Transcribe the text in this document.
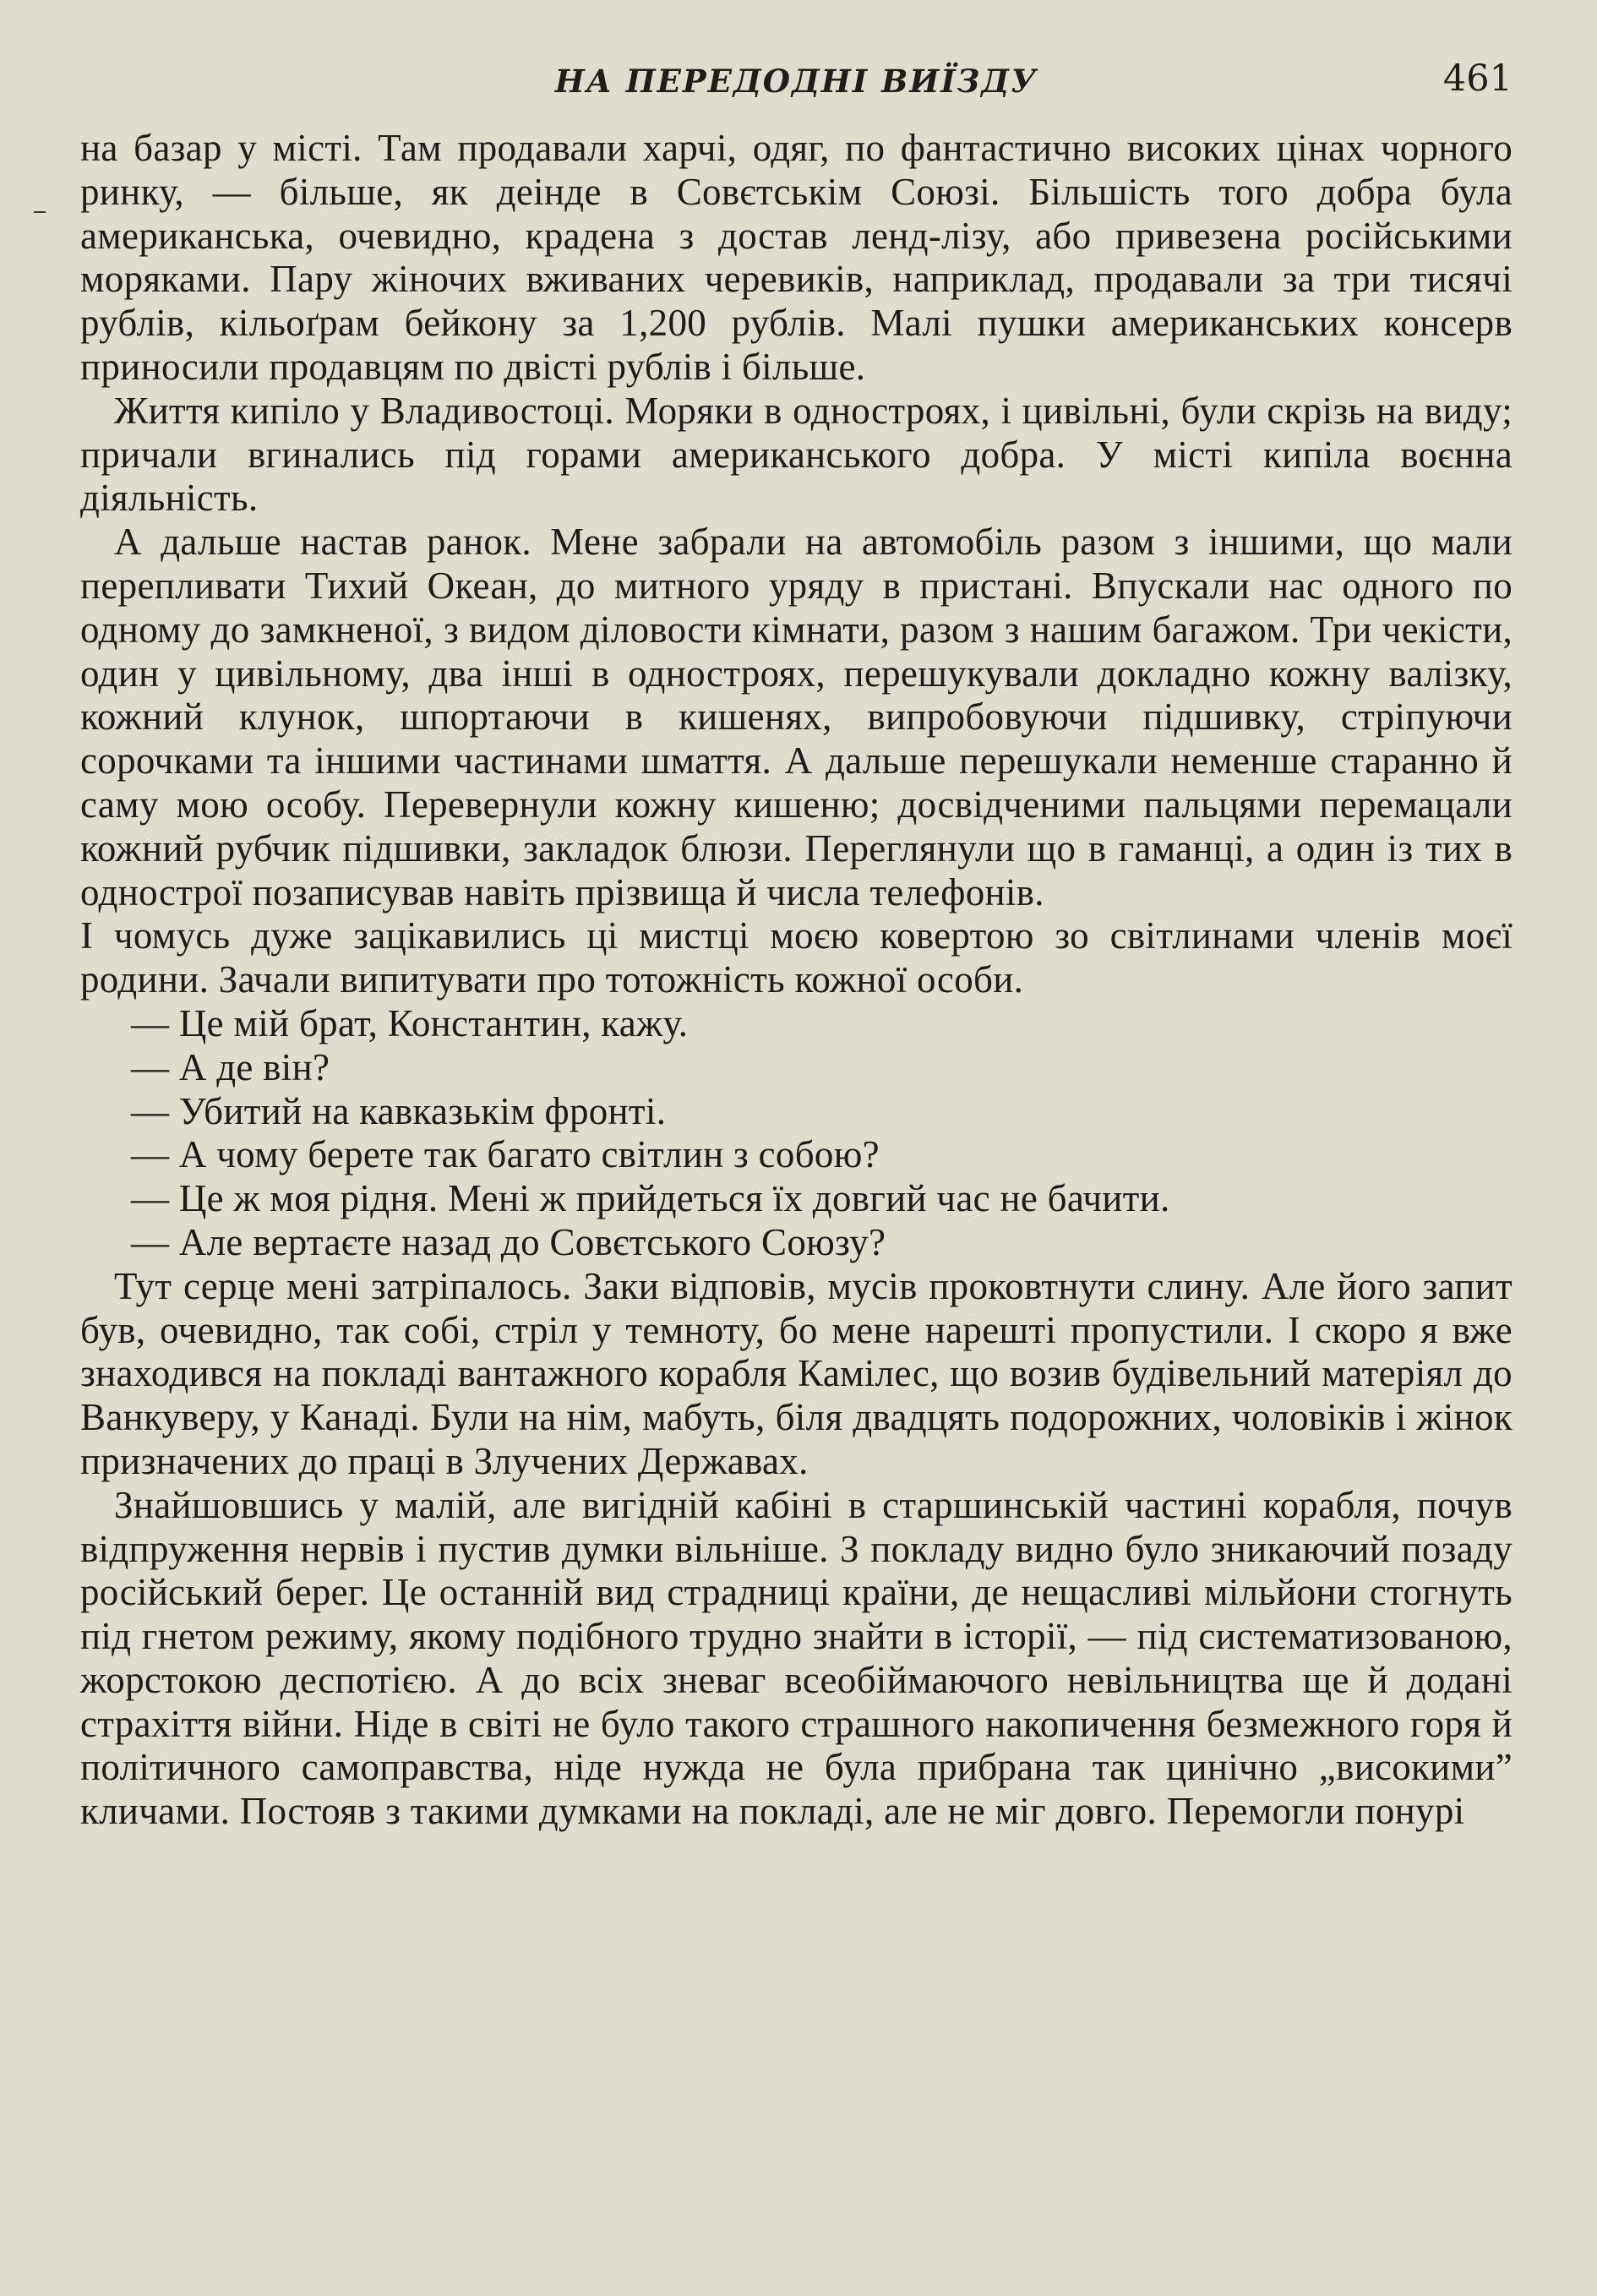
НА ПЕРЕДОДНІ ВИЇЗДУ	461

на базар у місті. Там продавали харчі, одяг, по фантастично високих цінах чорного ринку, — більше, як деінде в Совєтськім Союзі. Більшість того добра була американська, очевидно, крадена з достав ленд-лізу, або привезена російськими моряками. Пару жіночих вживаних черевиків, наприклад, продавали за три тисячі рублів, кільоґрам бейкону за 1,200 рублів. Малі пушки американських консерв приносили продавцям по двісті рублів і більше.

Життя кипіло у Владивостоці. Моряки в одностроях, і цивільні, були скрізь на виду; причали вгинались під горами американського добра. У місті кипіла воєнна діяльність.

А дальше настав ранок. Мене забрали на автомобіль разом з іншими, що мали перепливати Тихий Океан, до митного уряду в пристані. Впускали нас одного по одному до замкненої, з видом діловости кімнати, разом з нашим багажом. Три чекісти, один у цивільному, два інші в одностроях, перешукували докладно кожну валізку, кожний клунок, шпортаючи в кишенях, випробовуючи підшивку, стріпуючи сорочками та іншими частинами шмаття. А дальше перешукали неменше старанно й саму мою особу. Перевернули кожну кишеню; досвідченими пальцями перемацали кожний рубчик підшивки, закладок блюзи. Переглянули що в гаманці, а один із тих в однострої позаписував навіть прізвища й числа телефонів.

І чомусь дуже зацікавились ці мистці моєю ковертою зо світлинами членів моєї родини. Зачали випитувати про тотожність кожної особи.

— Це мій брат, Константин, кажу.

— А де він?

— Убитий на кавказькім фронті.

— А чому берете так багато світлин з собою?

— Це ж моя рідня. Мені ж прийдеться їх довгий час не бачити.

— Але вертаєте назад до Совєтського Союзу?

Тут серце мені затріпалось. Заки відповів, мусів проковтнути слину. Але його запит був, очевидно, так собі, стріл у темноту, бо мене нарешті пропустили. І скоро я вже знаходився на покладі вантажного корабля Камілес, що возив будівельний матеріял до Ванкуверу, у Канаді. Були на нім, мабуть, біля двадцять подорожних, чоловіків і жінок призначених до праці в Злучених Державах.

Знайшовшись у малій, але вигідній кабіні в старшинській частині корабля, почув відпруження нервів і пустив думки вільніше. З покладу видно було зникаючий позаду російський берег. Це останній вид страдниці країни, де нещасливі мільйони стогнуть під гнетом режиму, якому подібного трудно знайти в історії, — під систематизованою, жорстокою деспотією. А до всіх зневаг всеобіймаючого невільництва ще й додані страхіття війни. Ніде в світі не було такого страшного накопичення безмежного горя й політичного самоправства, ніде нужда не була прибрана так цинічно „високими” кличами. Постояв з такими думками на покладі, але не міг довго. Перемогли понурі
